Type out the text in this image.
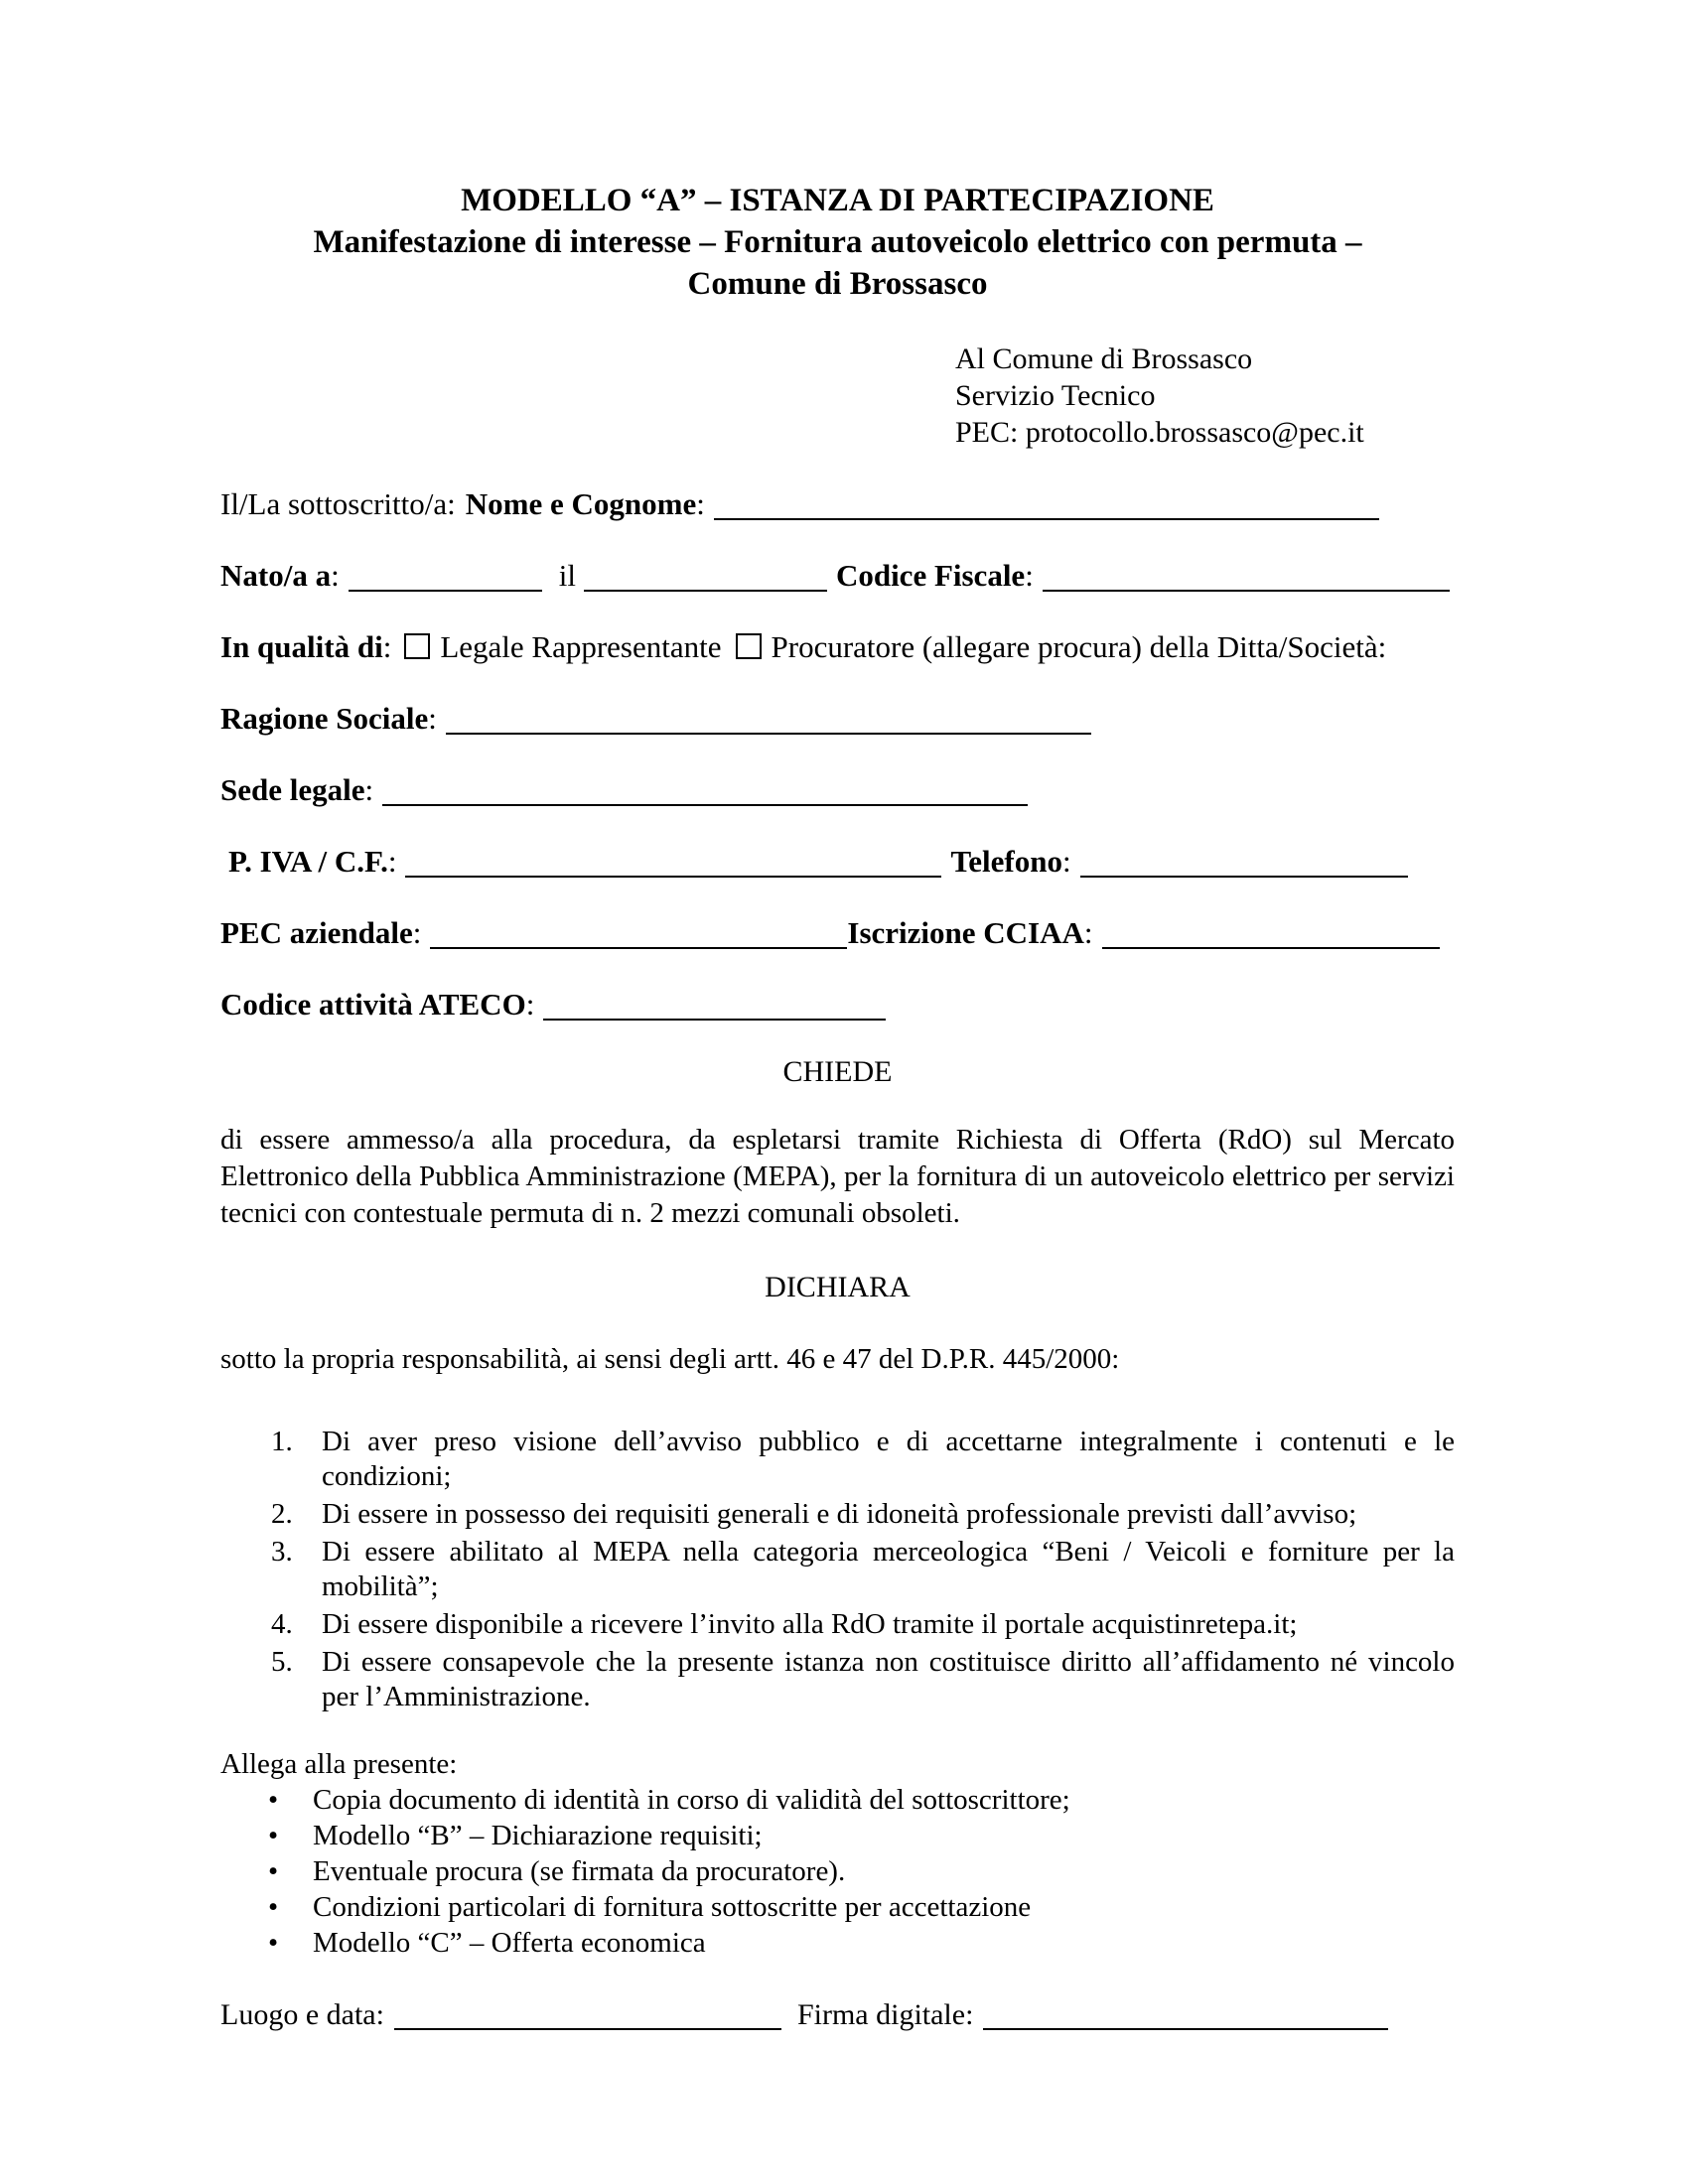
MODELLO “A” – ISTANZA DI PARTECIPAZIONE
Manifestazione di interesse – Fornitura autoveicolo elettrico con permuta –
Comune di Brossasco
Al Comune di Brossasco
Servizio Tecnico
PEC: protocollo.brossasco@pec.it
Il/La sottoscritto/a: Nome e Cognome:
Nato/a a:	il	Codice Fiscale:
In qualità di: Legale Rappresentante Procuratore (allegare procura) della Ditta/Società:
Ragione Sociale:
Sede legale:
P. IVA / C.F.:	Telefono:
PEC aziendale:	Iscrizione CCIAA:
Codice attività ATECO:
CHIEDE
di essere ammesso/a alla procedura, da espletarsi tramite Richiesta di Offerta (RdO) sul Mercato Elettronico della Pubblica Amministrazione (MEPA), per la fornitura di un autoveicolo elettrico per servizi tecnici con contestuale permuta di n. 2 mezzi comunali obsoleti.
DICHIARA
sotto la propria responsabilità, ai sensi degli artt. 46 e 47 del D.P.R. 445/2000:
1.	Di aver preso visione dell’avviso pubblico e di accettarne integralmente i contenuti e le condizioni;
2.	Di essere in possesso dei requisiti generali e di idoneità professionale previsti dall’avviso;
3.	Di essere abilitato al MEPA nella categoria merceologica “Beni / Veicoli e forniture per la mobilità”;
4.	Di essere disponibile a ricevere l’invito alla RdO tramite il portale acquistinretepa.it;
5.	Di essere consapevole che la presente istanza non costituisce diritto all’affidamento né vincolo per l’Amministrazione.
Allega alla presente:
•	Copia documento di identità in corso di validità del sottoscrittore;
•	Modello “B” – Dichiarazione requisiti;
•	Eventuale procura (se firmata da procuratore).
•	Condizioni particolari di fornitura sottoscritte per accettazione
•	Modello “C” – Offerta economica
Luogo e data:	Firma digitale:
